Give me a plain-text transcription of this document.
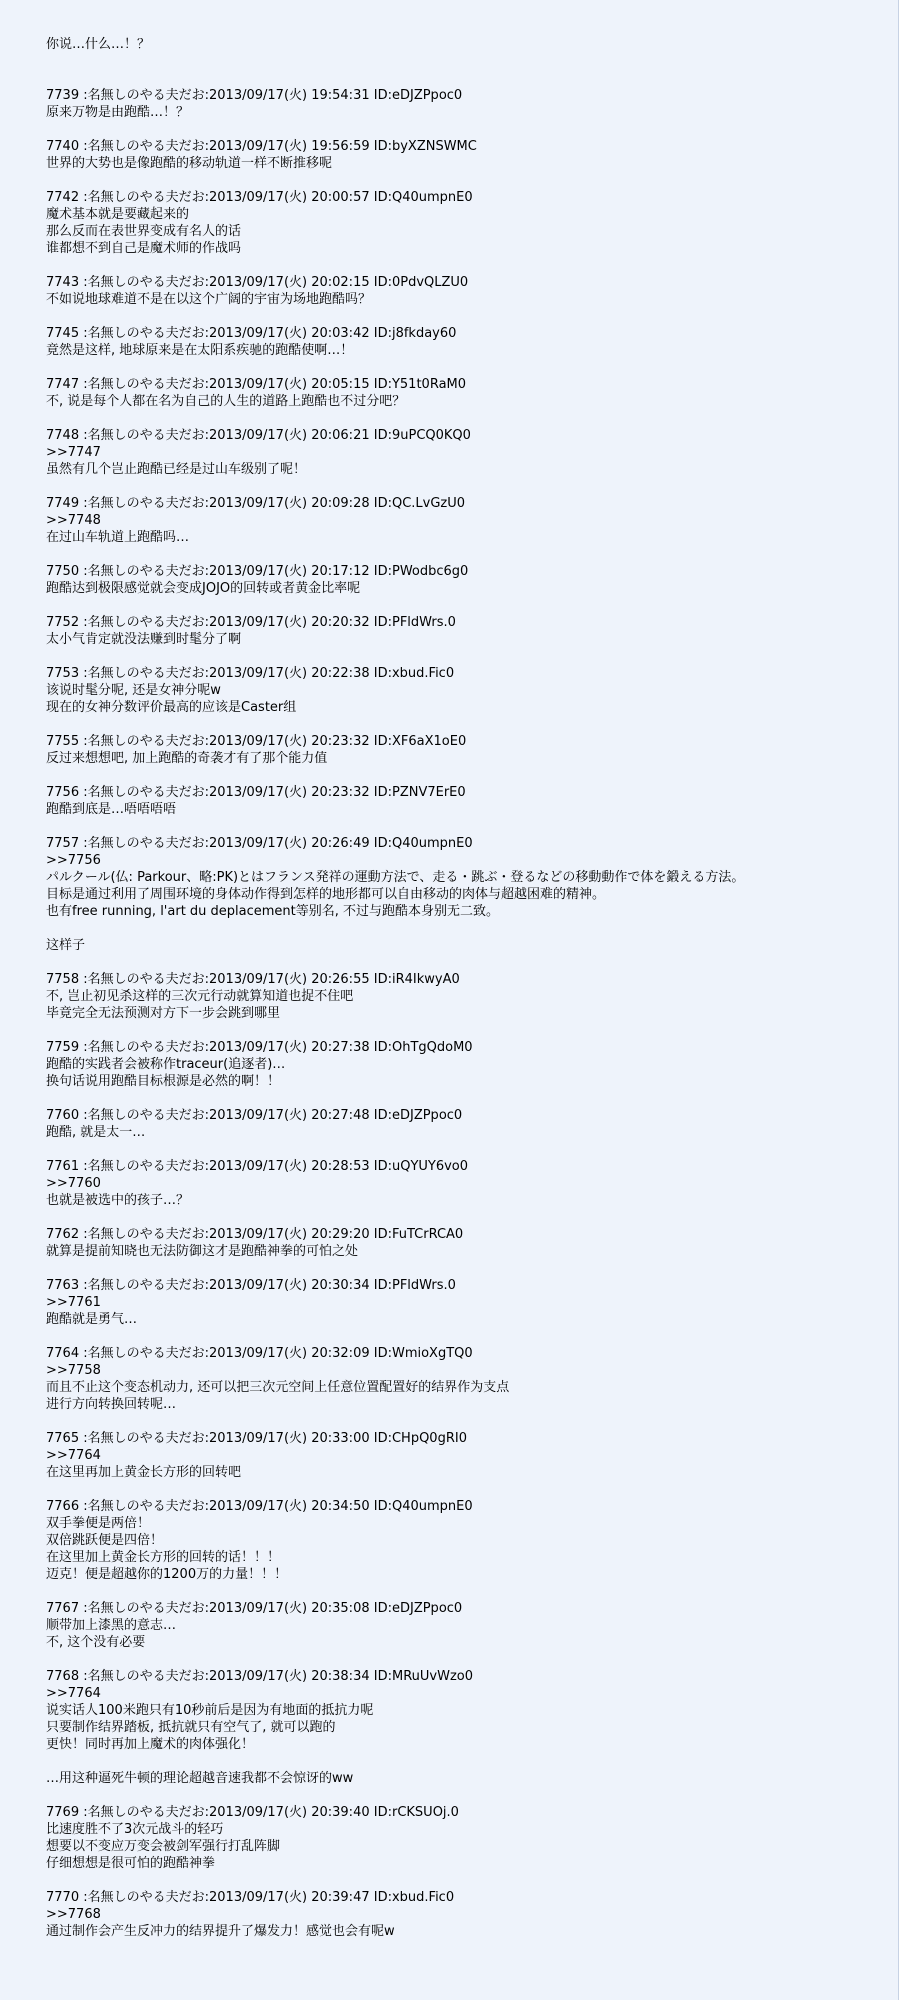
你说…什么…！？

7739 :名無しのやる夫だお:2013/09/17(火) 19:54:31 ID:eDJZPpoc0
原来万物是由跑酷…！？
7740 :名無しのやる夫だお:2013/09/17(火) 19:56:59 ID:byXZNSWMC
世界的大势也是像跑酷的移动轨道一样不断推移呢
7742 :名無しのやる夫だお:2013/09/17(火) 20:00:57 ID:Q40umpnE0
魔术基本就是要藏起来的
那么反而在表世界变成有名人的话
谁都想不到自己是魔术师的作战吗
7743 :名無しのやる夫だお:2013/09/17(火) 20:02:15 ID:0PdvQLZU0
不如说地球难道不是在以这个广阔的宇宙为场地跑酷吗？
7745 :名無しのやる夫だお:2013/09/17(火) 20:03:42 ID:j8fkday60
竟然是这样, 地球原来是在太阳系疾驰的跑酷使啊…！
7747 :名無しのやる夫だお:2013/09/17(火) 20:05:15 ID:Y51t0RaM0
不, 说是每个人都在名为自己的人生的道路上跑酷也不过分吧？
7748 :名無しのやる夫だお:2013/09/17(火) 20:06:21 ID:9uPCQ0KQ0
>>7747
虽然有几个岂止跑酷已经是过山车级别了呢！
7749 :名無しのやる夫だお:2013/09/17(火) 20:09:28 ID:QC.LvGzU0
>>7748
在过山车轨道上跑酷吗…
7750 :名無しのやる夫だお:2013/09/17(火) 20:17:12 ID:PWodbc6g0
跑酷达到极限感觉就会变成JOJO的回转或者黄金比率呢
7752 :名無しのやる夫だお:2013/09/17(火) 20:20:32 ID:PFldWrs.0
太小气肯定就没法赚到时髦分了啊
7753 :名無しのやる夫だお:2013/09/17(火) 20:22:38 ID:xbud.Fic0
该说时髦分呢, 还是女神分呢w
现在的女神分数评价最高的应该是Caster组
7755 :名無しのやる夫だお:2013/09/17(火) 20:23:32 ID:XF6aX1oE0
反过来想想吧, 加上跑酷的奇袭才有了那个能力值
7756 :名無しのやる夫だお:2013/09/17(火) 20:23:32 ID:PZNV7ErE0
跑酷到底是…唔唔唔唔
7757 :名無しのやる夫だお:2013/09/17(火) 20:26:49 ID:Q40umpnE0
>>7756
パルクール(仏: Parkour、略:PK)とはフランス発祥の運動方法で、走る・跳ぶ・登るなどの移動動作で体を鍛える方法。
目标是通过利用了周围环境的身体动作得到怎样的地形都可以自由移动的肉体与超越困难的精神。
也有free running, l'art du deplacement等别名, 不过与跑酷本身别无二致。
这样子
7758 :名無しのやる夫だお:2013/09/17(火) 20:26:55 ID:iR4IkwyA0
不, 岂止初见杀这样的三次元行动就算知道也捉不住吧
毕竟完全无法预测对方下一步会跳到哪里
7759 :名無しのやる夫だお:2013/09/17(火) 20:27:38 ID:OhTgQdoM0
跑酷的实践者会被称作traceur(追逐者)…
换句话说用跑酷目标根源是必然的啊！！
7760 :名無しのやる夫だお:2013/09/17(火) 20:27:48 ID:eDJZPpoc0
跑酷, 就是太一…
7761 :名無しのやる夫だお:2013/09/17(火) 20:28:53 ID:uQYUY6vo0
>>7760
也就是被选中的孩子…？
7762 :名無しのやる夫だお:2013/09/17(火) 20:29:20 ID:FuTCrRCA0
就算是提前知晓也无法防御这才是跑酷神拳的可怕之处
7763 :名無しのやる夫だお:2013/09/17(火) 20:30:34 ID:PFldWrs.0
>>7761
跑酷就是勇气…
7764 :名無しのやる夫だお:2013/09/17(火) 20:32:09 ID:WmioXgTQ0
>>7758
而且不止这个变态机动力, 还可以把三次元空间上任意位置配置好的结界作为支点
进行方向转换回转呢…
7765 :名無しのやる夫だお:2013/09/17(火) 20:33:00 ID:CHpQ0gRI0
>>7764
在这里再加上黄金长方形的回转吧
7766 :名無しのやる夫だお:2013/09/17(火) 20:34:50 ID:Q40umpnE0
双手拳便是两倍！
双倍跳跃便是四倍！
在这里加上黄金长方形的回转的话！！！
迈克！便是超越你的1200万的力量！！！
7767 :名無しのやる夫だお:2013/09/17(火) 20:35:08 ID:eDJZPpoc0
顺带加上漆黑的意志…
不, 这个没有必要
7768 :名無しのやる夫だお:2013/09/17(火) 20:38:34 ID:MRuUvWzo0
>>7764
说实话人100米跑只有10秒前后是因为有地面的抵抗力呢
只要制作结界踏板, 抵抗就只有空气了, 就可以跑的
更快！同时再加上魔术的肉体强化！
…用这种逼死牛顿的理论超越音速我都不会惊讶的ww
7769 :名無しのやる夫だお:2013/09/17(火) 20:39:40 ID:rCKSUOj.0
比速度胜不了3次元战斗的轻巧
想要以不变应万变会被剑军强行打乱阵脚
仔细想想是很可怕的跑酷神拳
7770 :名無しのやる夫だお:2013/09/17(火) 20:39:47 ID:xbud.Fic0
>>7768
通过制作会产生反冲力的结界提升了爆发力！感觉也会有呢w
